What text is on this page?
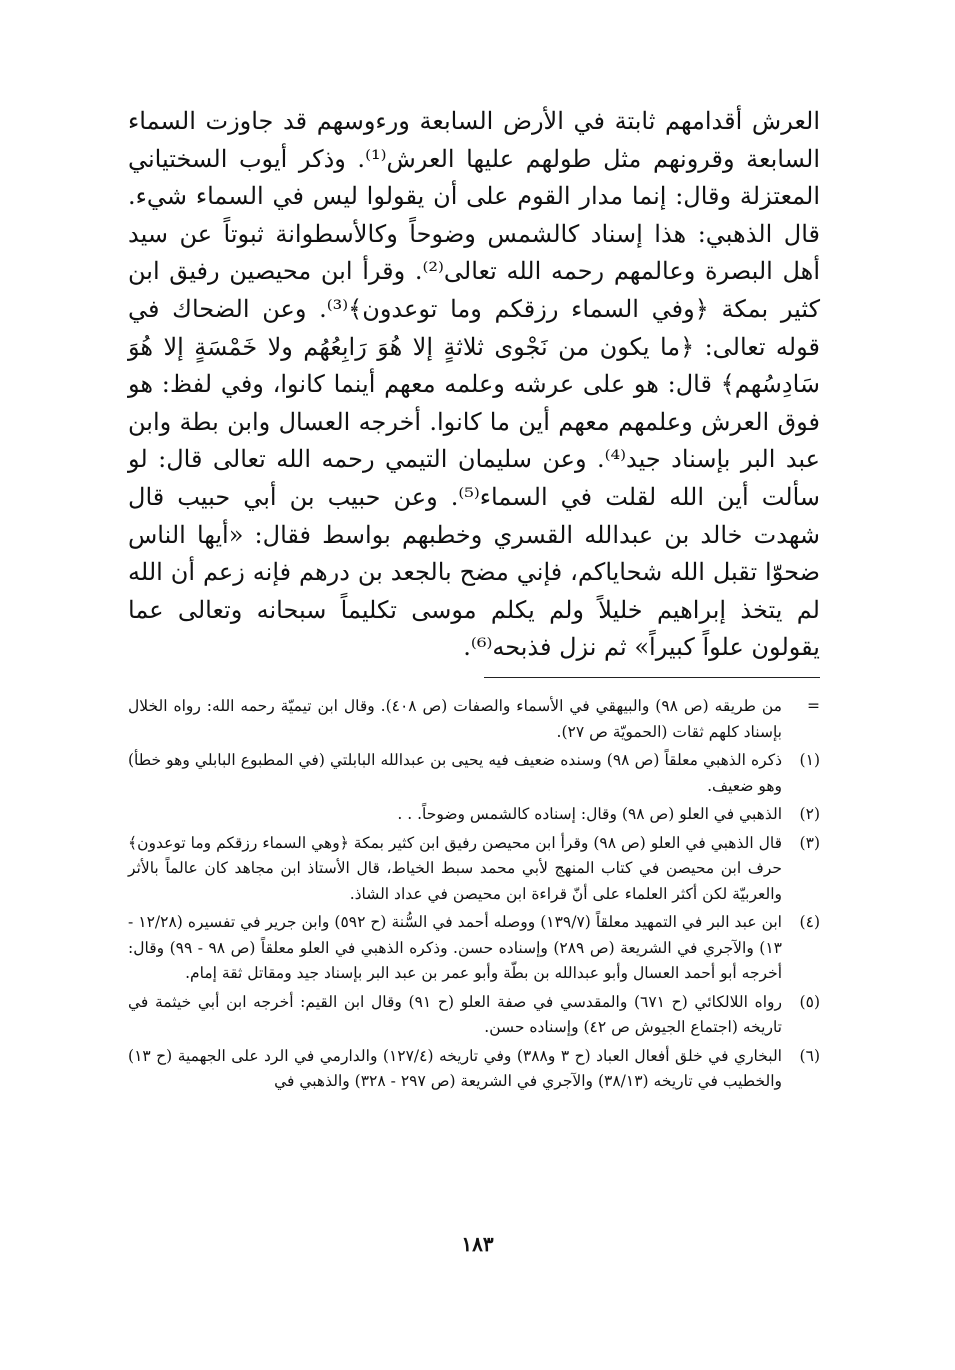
العرش أقدامهم ثابتة في الأرض السابعة ورءوسهم قد جاوزت السماء السابعة وقرونهم مثل طولهم عليها العرش⁽¹⁾. وذكر أيوب السختياني المعتزلة وقال: إنما مدار القوم على أن يقولوا ليس في السماء شيء. قال الذهبي: هذا إسناد كالشمس وضوحاً وكالأسطوانة ثبوتاً عن سيد أهل البصرة وعالمهم رحمه الله تعالى⁽²⁾. وقرأ ابن محيصين رفيق ابن كثير بمكة ﴿وفي السماء رزقكم وما توعدون﴾⁽³⁾. وعن الضحاك في قوله تعالى: ﴿ما يكون من نَجْوى ثلاثةٍ إلا هُوَ رَابِعُهُم ولا خَمْسَةٍ إلا هُوَ سَادِسُهم﴾ قال: هو على عرشه وعلمه معهم أينما كانوا، وفي لفظ: هو فوق العرش وعلمهم معهم أين ما كانوا. أخرجه العسال وابن بطة وابن عبد البر بإسناد جيد⁽⁴⁾. وعن سليمان التيمي رحمه الله تعالى قال: لو سألت أين الله لقلت في السماء⁽⁵⁾. وعن حبيب بن أبي حبيب قال شهدت خالد بن عبدالله القسري وخطبهم بواسط فقال: «أيها الناس ضحوّا تقبل الله شحاياكم، فإني مضح بالجعد بن درهم فإنه زعم أن الله لم يتخذ إبراهيم خليلاً ولم يكلم موسى تكليماً سبحانه وتعالى عما يقولون علواً كبيراً» ثم نزل فذبحه⁽⁶⁾.

=
من طريقه (ص ٩٨) والبيهقي في الأسماء والصفات (ص ٤٠٨). وقال ابن تيميّة رحمه الله: رواه الخلال بإسناد كلهم ثقات (الحمويّة ص ٢٧).
(١)
ذكره الذهبي معلقاً (ص ٩٨) وسنده ضعيف فيه يحيى بن عبدالله البابلتي (في المطبوع البابلي وهو خطأ) وهو ضعيف.
(٢)
الذهبي في العلو (ص ٩٨) وقال: إسناده كالشمس وضوحاً. . .
(٣)
قال الذهبي في العلو (ص ٩٨) وقرأ ابن محيصن رفيق ابن كثير بمكة ﴿وهي السماء رزقكم وما توعدون﴾ حرف ابن محيصن في كتاب المنهج لأبي محمد سبط الخياط، قال الأستاذ ابن مجاهد كان عالماً بالأثر والعربيّة لكن أكثر العلماء على أنّ قراءة ابن محيصن في عداد الشاذ.
(٤)
ابن عبد البر في التمهيد معلقاً (١٣٩/٧) ووصله أحمد في السُّنة (ح ٥٩٢) وابن جرير في تفسيره (١٢/٢٨ - ١٣) والآجري في الشريعة (ص ٢٨٩) وإسناده حسن. وذكره الذهبي في العلو معلقاً (ص ٩٨ - ٩٩) وقال: أخرجه أبو أحمد العسال وأبو عبدالله بن بطّة وأبو عمر بن عبد البر بإسناد جيد ومقاتل ثقة إمام.
(٥)
رواه اللالكائي (ح ٦٧١) والمقدسي في صفة العلو (ح ٩١) وقال ابن القيم: أخرجه ابن أبي خيثمة في تاريخه (اجتماع الجيوش ص ٤٢) وإسناده حسن.
(٦)
البخاري في خلق أفعال العباد (ح ٣ و٣٨٨) وفي تاريخه (١٢٧/٤) والدارمي في الرد على الجهمية (ح ١٣) والخطيب في تاريخه (٣٨/١٣) والآجري في الشريعة (ص ٢٩٧ - ٣٢٨) والذهبي في
١٨٣
